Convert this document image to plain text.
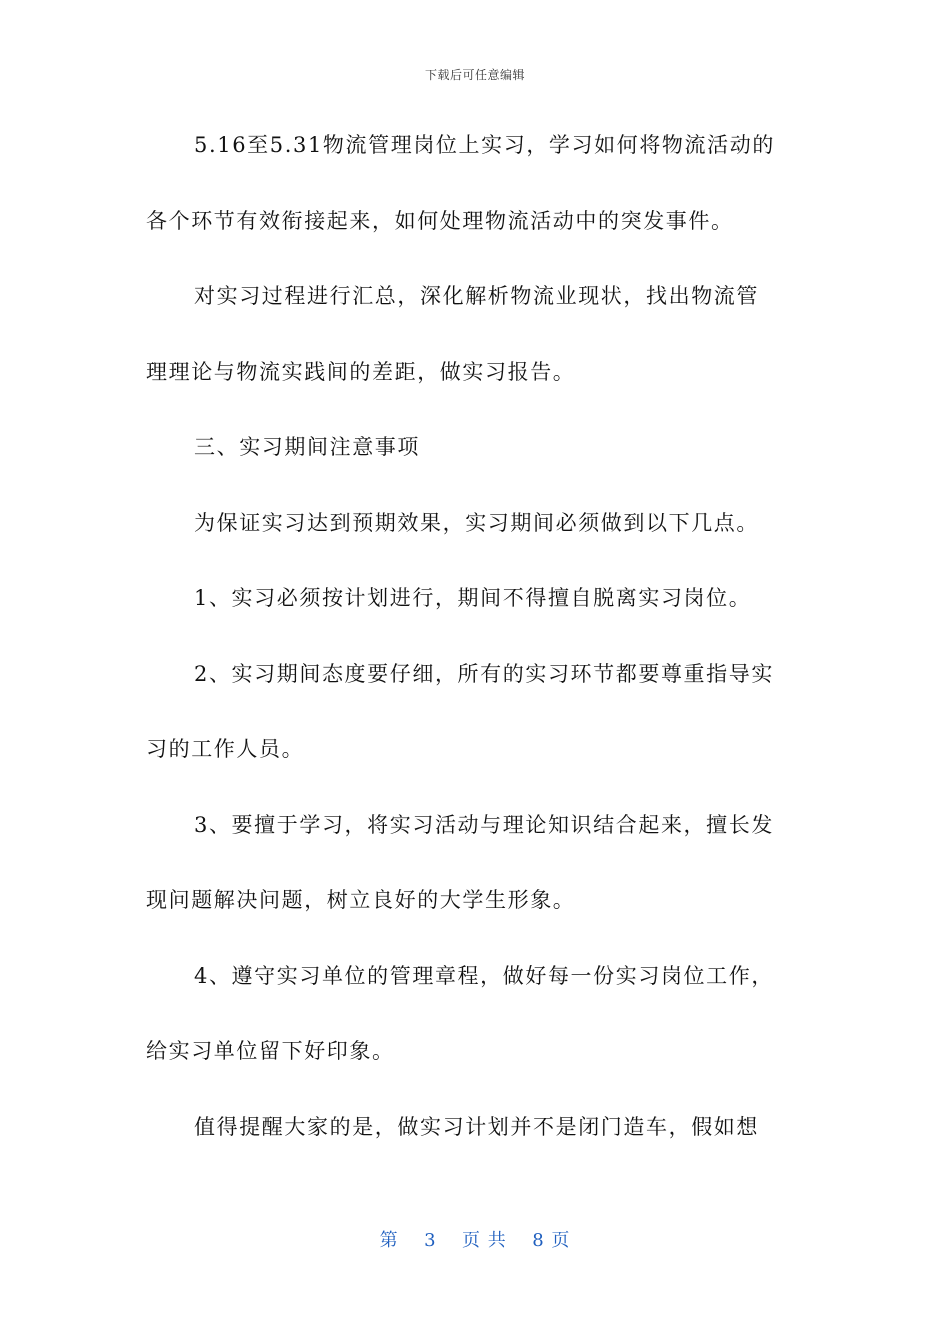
下载后可任意编辑
5.16至5.31物流管理岗位上实习，学习如何将物流活动的
各个环节有效衔接起来，如何处理物流活动中的突发事件。
对实习过程进行汇总，深化解析物流业现状，找出物流管
理理论与物流实践间的差距，做实习报告。
三、实习期间注意事项
为保证实习达到预期效果，实习期间必须做到以下几点。
1、实习必须按计划进行，期间不得擅自脱离实习岗位。
2、实习期间态度要仔细，所有的实习环节都要尊重指导实
习的工作人员。
3、要擅于学习，将实习活动与理论知识结合起来，擅长发
现问题解决问题，树立良好的大学生形象。
4、遵守实习单位的管理章程，做好每一份实习岗位工作，
给实习单位留下好印象。
值得提醒大家的是，做实习计划并不是闭门造车，假如想
第 3 页 共 8 页
